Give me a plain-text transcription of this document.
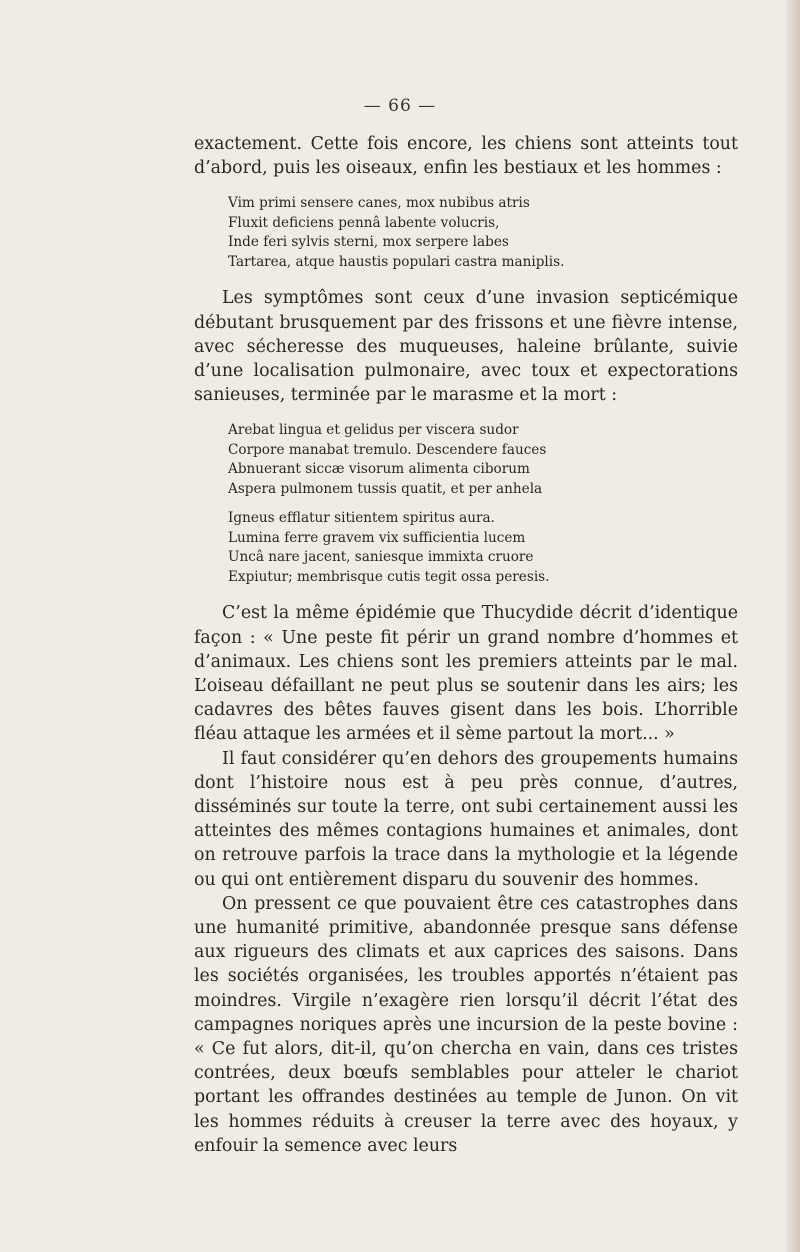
— 66 —

exactement. Cette fois encore, les chiens sont atteints tout d’abord, puis les oiseaux, enfin les bestiaux et les hommes :

Vim primi sensere canes, mox nubibus atris
Fluxit deficiens pennâ labente volucris,
Inde feri sylvis sterni, mox serpere labes
Tartarea, atque haustis populari castra maniplis.

Les symptômes sont ceux d’une invasion septicémique débutant brusquement par des frissons et une fièvre intense, avec sécheresse des muqueuses, haleine brûlante, suivie d’une localisation pulmonaire, avec toux et expectorations sanieuses, terminée par le marasme et la mort :

Arebat lingua et gelidus per viscera sudor
Corpore manabat tremulo. Descendere fauces
Abnuerant siccæ visorum alimenta ciborum
Aspera pulmonem tussis quatit, et per anhela
Igneus efflatur sitientem spiritus aura.
Lumina ferre gravem vix sufficientia lucem
Uncâ nare jacent, saniesque immixta cruore
Expiutur; membrisque cutis tegit ossa peresis.

C’est la même épidémie que Thucydide décrit d’identique façon : « Une peste fit périr un grand nombre d’hommes et d’animaux. Les chiens sont les premiers atteints par le mal. L’oiseau défaillant ne peut plus se soutenir dans les airs; les cadavres des bêtes fauves gisent dans les bois. L’horrible fléau attaque les armées et il sème partout la mort... »

Il faut considérer qu’en dehors des groupements humains dont l’histoire nous est à peu près connue, d’autres, disséminés sur toute la terre, ont subi certainement aussi les atteintes des mêmes contagions humaines et animales, dont on retrouve parfois la trace dans la mythologie et la légende ou qui ont entièrement disparu du souvenir des hommes.

On pressent ce que pouvaient être ces catastrophes dans une humanité primitive, abandonnée presque sans défense aux rigueurs des climats et aux caprices des saisons. Dans les sociétés organisées, les troubles apportés n’étaient pas moindres. Virgile n’exagère rien lorsqu’il décrit l’état des campagnes noriques après une incursion de la peste bovine : « Ce fut alors, dit-il, qu’on chercha en vain, dans ces tristes contrées, deux bœufs semblables pour atteler le chariot portant les offrandes destinées au temple de Junon. On vit les hommes réduits à creuser la terre avec des hoyaux, y enfouir la semence avec leurs
